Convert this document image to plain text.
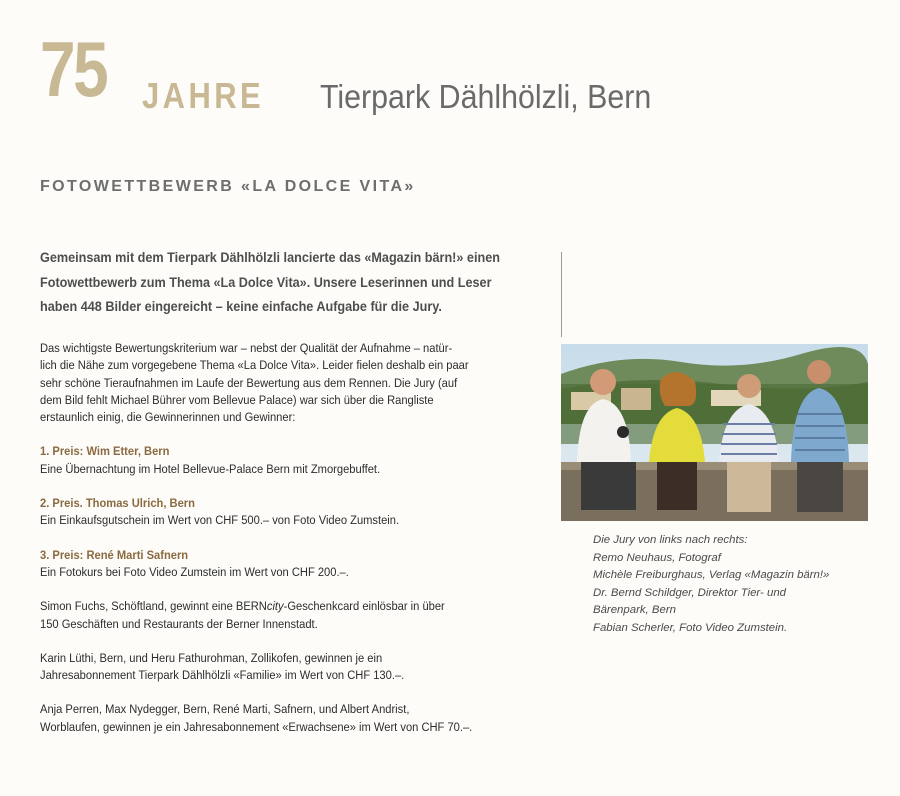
75 JAHRE Tierpark Dählhölzli, Bern
FOTOWETTBEWERB «LA DOLCE VITA»

Gemeinsam mit dem Tierpark Dählhölzli lancierte das «Magazin bärn!» einen

Fotowettbewerb zum Thema «La Dolce Vita». Unsere Leserinnen und Leser

haben 448 Bilder eingereicht – keine einfache Aufgabe für die Jury.

Das wichtigste Bewertungskriterium war – nebst der Qualität der Aufnahme – natür-
lich die Nähe zum vorgegebene Thema «La Dolce Vita». Leider fielen deshalb ein paar
sehr schöne Tieraufnahmen im Laufe der Bewertung aus dem Rennen. Die Jury (auf
dem Bild fehlt Michael Bührer vom Bellevue Palace) war sich über die Rangliste
erstaunlich einig, die Gewinnerinnen und Gewinner:
1. Preis: Wim Etter, Bern
Eine Übernachtung im Hotel Bellevue-Palace Bern mit Zmorgebuffet.
2. Preis. Thomas Ulrich, Bern
Ein Einkaufsgutschein im Wert von CHF 500.– von Foto Video Zumstein.
3. Preis: René Marti Safnern
Ein Fotokurs bei Foto Video Zumstein im Wert von CHF 200.–.
Simon Fuchs, Schöftland, gewinnt eine BERNcity-Geschenkcard einlösbar in über
150 Geschäften und Restaurants der Berner Innenstadt.
Karin Lüthi, Bern, und Heru Fathurohman, Zollikofen, gewinnen je ein
Jahresabonnement Tierpark Dählhölzli «Familie» im Wert von CHF 130.–.
Anja Perren, Max Nydegger, Bern, René Marti, Safnern, und Albert Andrist,
Worblaufen, gewinnen je ein Jahresabonnement «Erwachsene» im Wert von CHF 70.–.
Die Jury von links nach rechts:
Remo Neuhaus, Fotograf
Michèle Freiburghaus, Verlag «Magazin bärn!»
Dr. Bernd Schildger, Direktor Tier- und
Bärenpark, Bern
Fabian Scherler, Foto Video Zumstein.
